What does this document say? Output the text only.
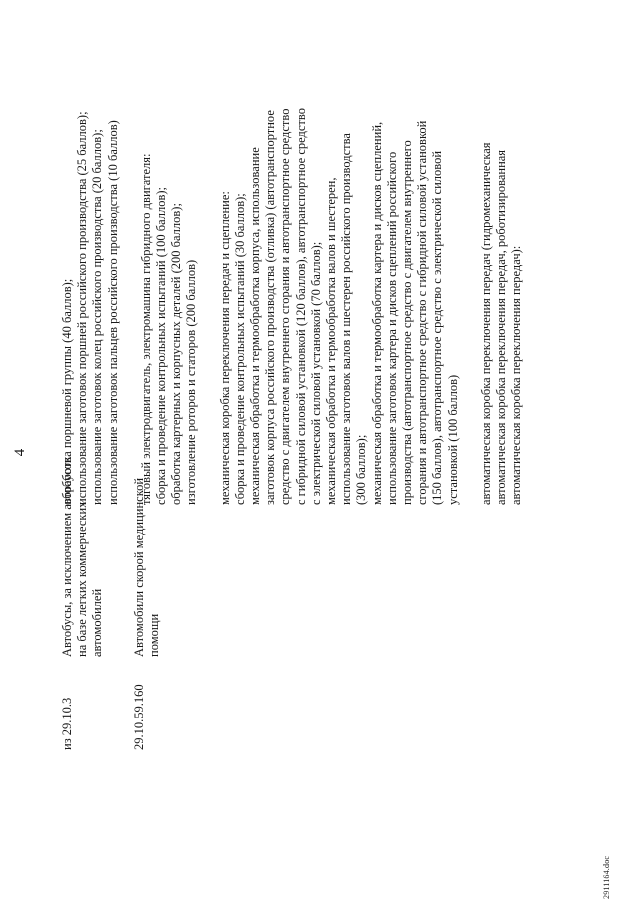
4
из 29.10.3
Автобусы, за исключением автобусов на базе легких коммерческих автомобилей
29.10.59.160
Автомобили скорой медицинской помощи
обработка поршневой группы (40 баллов); использование заготовок поршней российского производства (25 баллов); использование заготовок колец российского производства (20 баллов); использование заготовок пальцев российского производства (10 баллов) тяговый электродвигатель, электромашина гибридного двигателя: сборка и проведение контрольных испытаний (100 баллов); обработка картерных и корпусных деталей (200 баллов); изготовление роторов и статоров (200 баллов) механическая коробка переключения передач и сцепление: сборка и проведение контрольных испытаний (30 баллов); механическая обработка и термообработка корпуса, использование заготовок корпуса российского производства (отливка) (автотранспортное средство с двигателем внутреннего сгорания и автотранспортное средство с гибридной силовой установкой (120 баллов), автотранспортное средство с электрической силовой установкой (70 баллов); механическая обработка и термообработка валов и шестерен, использование заготовок валов и шестерен российского производства (300 баллов); механическая обработка и термообработка картера и дисков сцеплений, использование заготовок картера и дисков сцеплений российского производства (автотранспортное средство с двигателем внутреннего сгорания и автотранспортное средство с гибридной силовой установкой (150 баллов), автотранспортное средство с электрической силовой установкой (100 баллов) автоматическая коробка переключения передач (гидромеханическая автоматическая коробка переключения передач, роботизированная автоматическая коробка переключения передач):
2911164.doc
